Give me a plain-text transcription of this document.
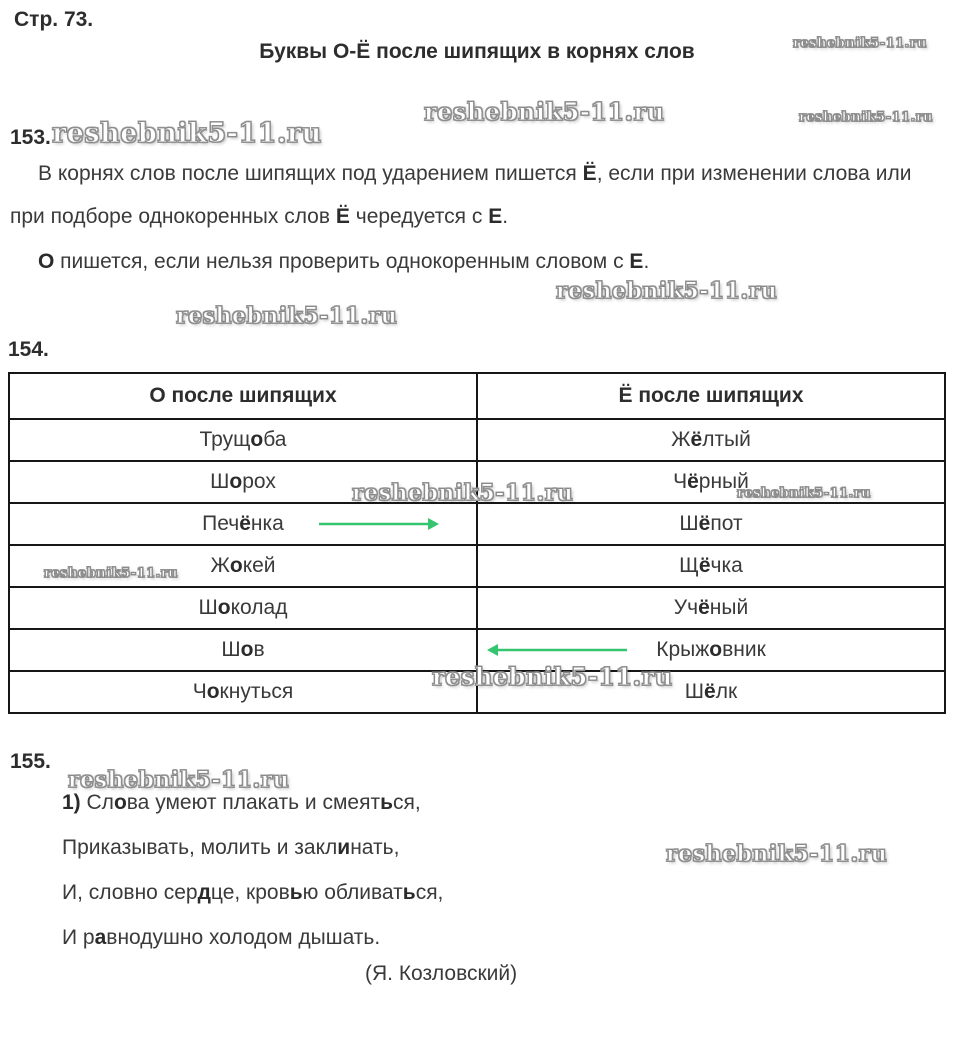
Стр. 73.
Буквы О-Ё после шипящих в корнях слов
153.

В корнях слов после шипящих под ударением пишется Ё, если при изменении слова или при подборе однокоренных слов Ё чередуется с Е.

О пишется, если нельзя проверить однокоренным словом с Е.

154.
О после шипящих	Ё после шипящих
Трущоба	Жёлтый
Шорох	Чёрный
Печёнка	Шёпот
Жокей	Щёчка
Шоколад	Учёный
Шов	Крыжовник
Чокнуться	Шёлк
155.

1) Слова умеют плакать и смеяться,

Приказывать, молить и заклинать,

И, словно сердце, кровью обливаться,

И равнодушно холодом дышать.

(Я. Козловский)
reshebnik5-11.ru
reshebnik5-11.ru	reshebnik5-11.ru
reshebnik5-11.ru
reshebnik5-11.ru
reshebnik5-11.ru
reshebnik5-11.ru	reshebnik5-11.ru
reshebnik5-11.ru
reshebnik5-11.ru
reshebnik5-11.ru
reshebnik5-11.ru
